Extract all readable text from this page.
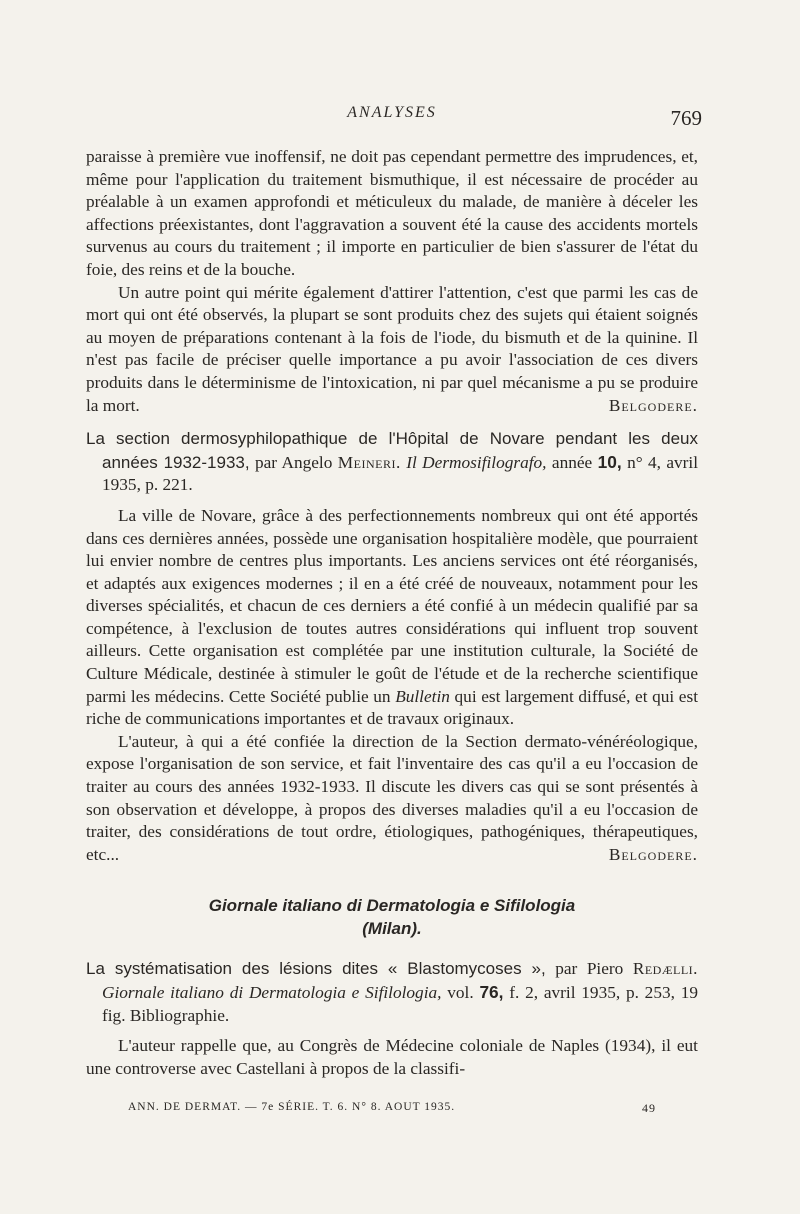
ANALYSES	769

paraisse à première vue inoffensif, ne doit pas cependant permettre des imprudences, et, même pour l'application du traitement bismuthique, il est nécessaire de procéder au préalable à un examen approfondi et méticuleux du malade, de manière à déceler les affections préexistantes, dont l'aggravation a souvent été la cause des accidents mortels survenus au cours du traitement ; il importe en particulier de bien s'assurer de l'état du foie, des reins et de la bouche.

Un autre point qui mérite également d'attirer l'attention, c'est que parmi les cas de mort qui ont été observés, la plupart se sont produits chez des sujets qui étaient soignés au moyen de préparations contenant à la fois de l'iode, du bismuth et de la quinine. Il n'est pas facile de préciser quelle importance a pu avoir l'association de ces divers produits dans le déterminisme de l'intoxication, ni par quel mécanisme a pu se produire la mort.	Belgodere.

La section dermosyphilopathique de l'Hôpital de Novare pendant les deux années 1932-1933, par Angelo Meineri. Il Dermosifilografo, année 10, n° 4, avril 1935, p. 221.

La ville de Novare, grâce à des perfectionnements nombreux qui ont été apportés dans ces dernières années, possède une organisation hospitalière modèle, que pourraient lui envier nombre de centres plus importants. Les anciens services ont été réorganisés, et adaptés aux exigences modernes ; il en a été créé de nouveaux, notamment pour les diverses spécialités, et chacun de ces derniers a été confié à un médecin qualifié par sa compétence, à l'exclusion de toutes autres considérations qui influent trop souvent ailleurs. Cette organisation est complétée par une institution culturale, la Société de Culture Médicale, destinée à stimuler le goût de l'étude et de la recherche scientifique parmi les médecins. Cette Société publie un Bulletin qui est largement diffusé, et qui est riche de communications importantes et de travaux originaux.

L'auteur, à qui a été confiée la direction de la Section dermato-vénéréologique, expose l'organisation de son service, et fait l'inventaire des cas qu'il a eu l'occasion de traiter au cours des années 1932-1933. Il discute les divers cas qui se sont présentés à son observation et développe, à propos des diverses maladies qu'il a eu l'occasion de traiter, des considérations de tout ordre, étiologiques, pathogéniques, thérapeutiques, etc...	Belgodere.

Giornale italiano di Dermatologia e Sifilologia
(Milan).
La systématisation des lésions dites « Blastomycoses », par Piero Redælli. Giornale italiano di Dermatologia e Sifilologia, vol. 76, f. 2, avril 1935, p. 253, 19 fig. Bibliographie.

L'auteur rappelle que, au Congrès de Médecine coloniale de Naples (1934), il eut une controverse avec Castellani à propos de la classifi-

ANN. DE DERMAT. — 7e SÉRIE. T. 6. N° 8. AOUT 1935.	49
